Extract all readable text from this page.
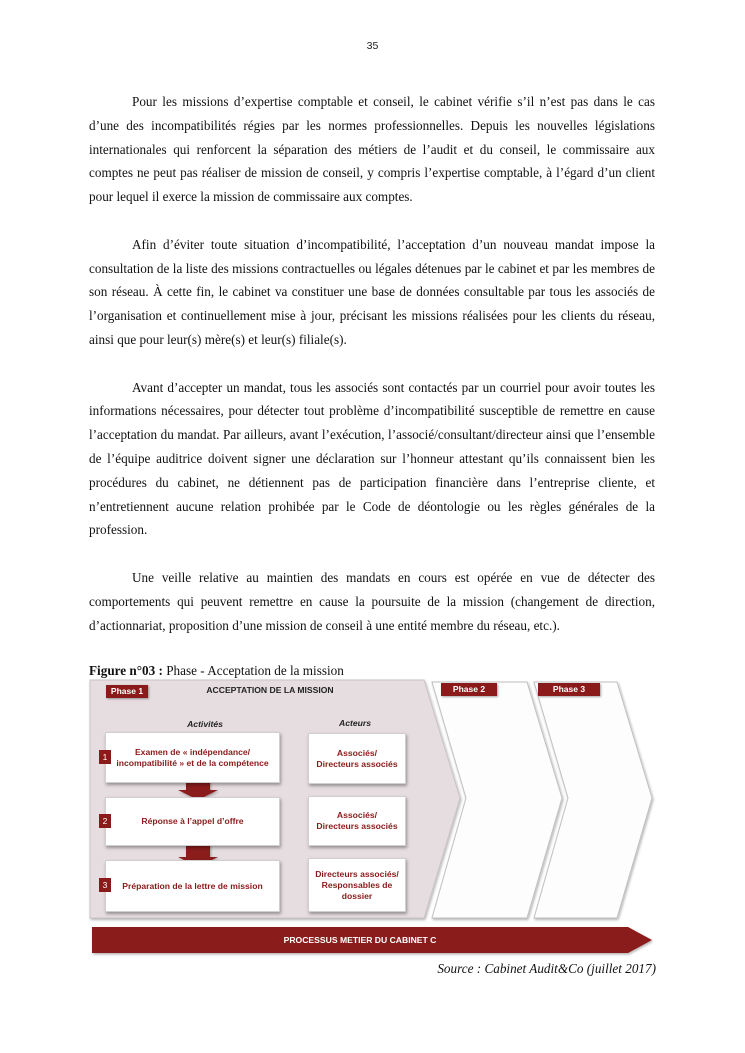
35

Pour les missions d’expertise comptable et conseil, le cabinet vérifie s’il n’est pas dans le cas d’une des incompatibilités régies par les normes professionnelles. Depuis les nouvelles législations internationales qui renforcent la séparation des métiers de l’audit et du conseil, le commissaire aux comptes ne peut pas réaliser de mission de conseil, y compris l’expertise comptable, à l’égard d’un client pour lequel il exerce la mission de commissaire aux comptes.

Afin d’éviter toute situation d’incompatibilité, l’acceptation d’un nouveau mandat impose la consultation de la liste des missions contractuelles ou légales détenues par le cabinet et par les membres de son réseau. À cette fin, le cabinet va constituer une base de données consultable par tous les associés de l’organisation et continuellement mise à jour, précisant les missions réalisées pour les clients du réseau, ainsi que pour leur(s) mère(s) et leur(s) filiale(s).

Avant d’accepter un mandat, tous les associés sont contactés par un courriel pour avoir toutes les informations nécessaires, pour détecter tout problème d’incompatibilité susceptible de remettre en cause l’acceptation du mandat. Par ailleurs, avant l’exécution, l’associé/consultant/directeur ainsi que l’ensemble de l’équipe auditrice doivent signer une déclaration sur l’honneur attestant qu’ils connaissent bien les procédures du cabinet, ne détiennent pas de participation financière dans l’entreprise cliente, et n’entretiennent aucune relation prohibée par le Code de déontologie ou les règles générales de la profession.

Une veille relative au maintien des mandats en cours est opérée en vue de détecter des comportements qui peuvent remettre en cause la poursuite de la mission (changement de direction, d’actionnariat, proposition d’une mission de conseil à une entité membre du réseau, etc.).

Figure n°03 : Phase - Acceptation de la mission
Phase 1	ACCEPTATION DE LA MISSION	Phase 2	Phase 3
Activités	Acteurs
Examen de « indépendance/ incompatibilité » et de la compétence
1	Associés/ Directeurs associés
Réponse à l’appel d’offre
2
Associés/ Directeurs associés
Préparation de la lettre de mission
3
Directeurs associés/ Responsables de dossier
PROCESSUS METIER DU CABINET C
Source : Cabinet Audit&Co (juillet 2017)
